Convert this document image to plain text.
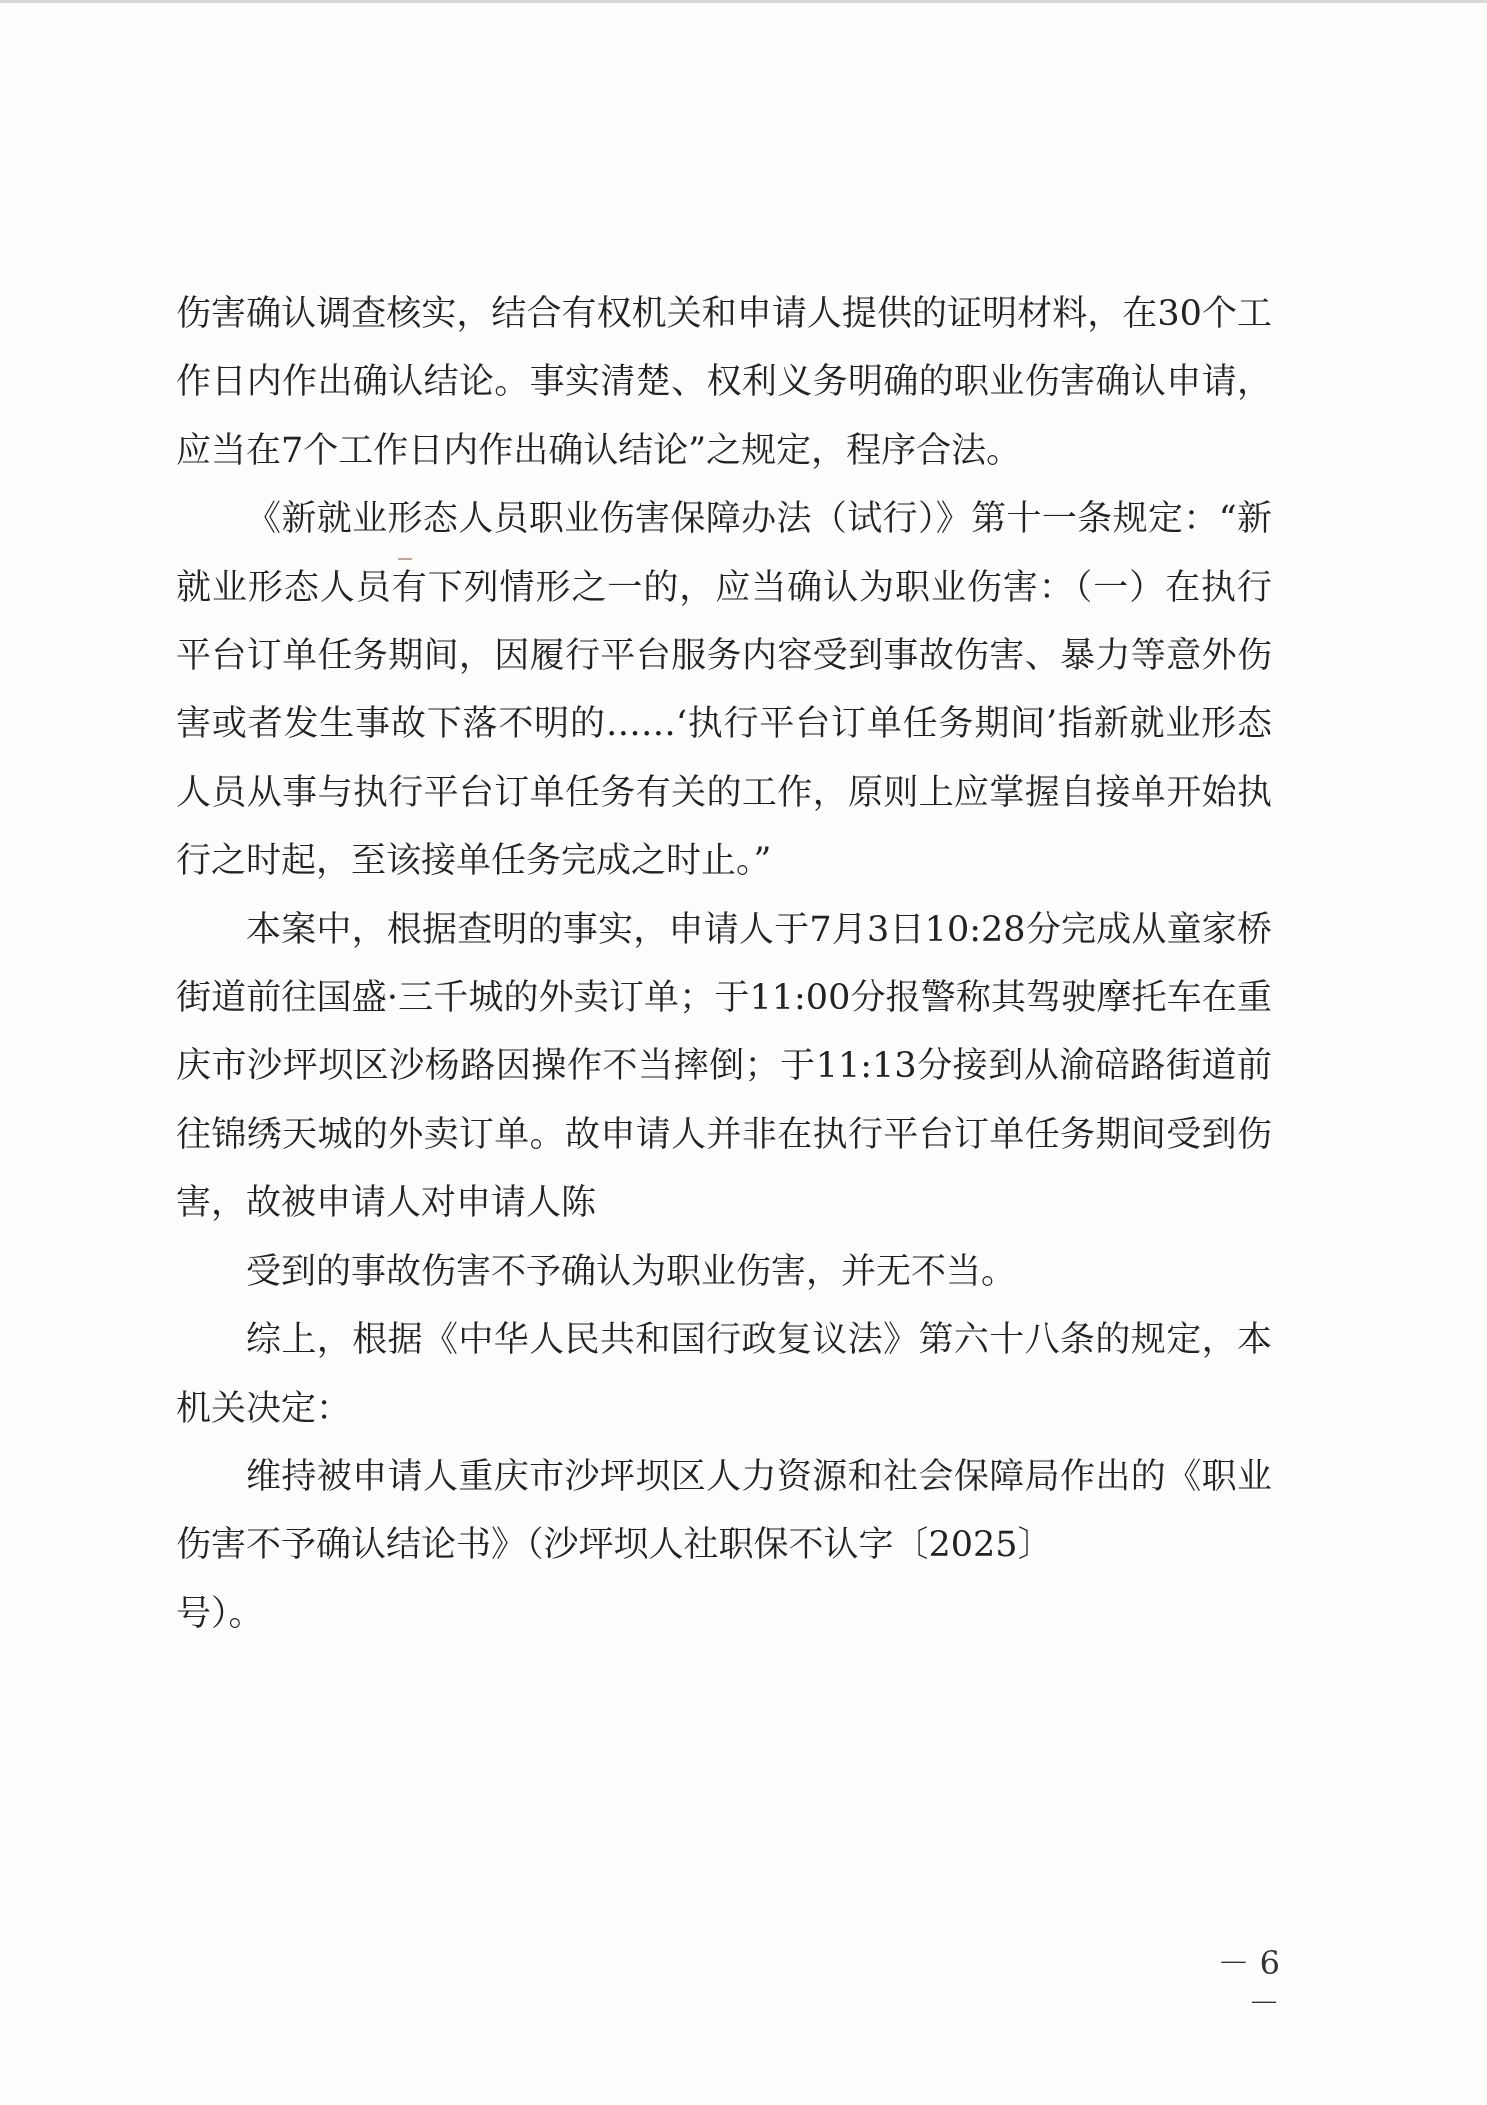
伤害确认调查核实，结合有权机关和申请人提供的证明材料，在30个工作日内作出确认结论。事实清楚、权利义务明确的职业伤害确认申请，应当在7个工作日内作出确认结论”之规定，程序合法。

《新就业形态人员职业伤害保障办法（试行）》第十一条规定：“新就业形态人员有下列情形之一的，应当确认为职业伤害：（一）在执行平台订单任务期间，因履行平台服务内容受到事故伤害、暴力等意外伤害或者发生事故下落不明的……‘执行平台订单任务期间’指新就业形态人员从事与执行平台订单任务有关的工作，原则上应掌握自接单开始执行之时起，至该接单任务完成之时止。”

本案中，根据查明的事实，申请人于7月3日10:28分完成从童家桥街道前往国盛·三千城的外卖订单；于11:00分报警称其驾驶摩托车在重庆市沙坪坝区沙杨路因操作不当摔倒；于11:13分接到从渝碚路街道前往锦绣天城的外卖订单。故申请人并非在执行平台订单任务期间受到伤害，故被申请人对申请人陈

受到的事故伤害不予确认为职业伤害，并无不当。

综上，根据《中华人民共和国行政复议法》第六十八条的规定，本机关决定：

维持被申请人重庆市沙坪坝区人力资源和社会保障局作出的《职业伤害不予确认结论书》（沙坪坝人社职保不认字〔2025〕

号）。

－ 6 －
